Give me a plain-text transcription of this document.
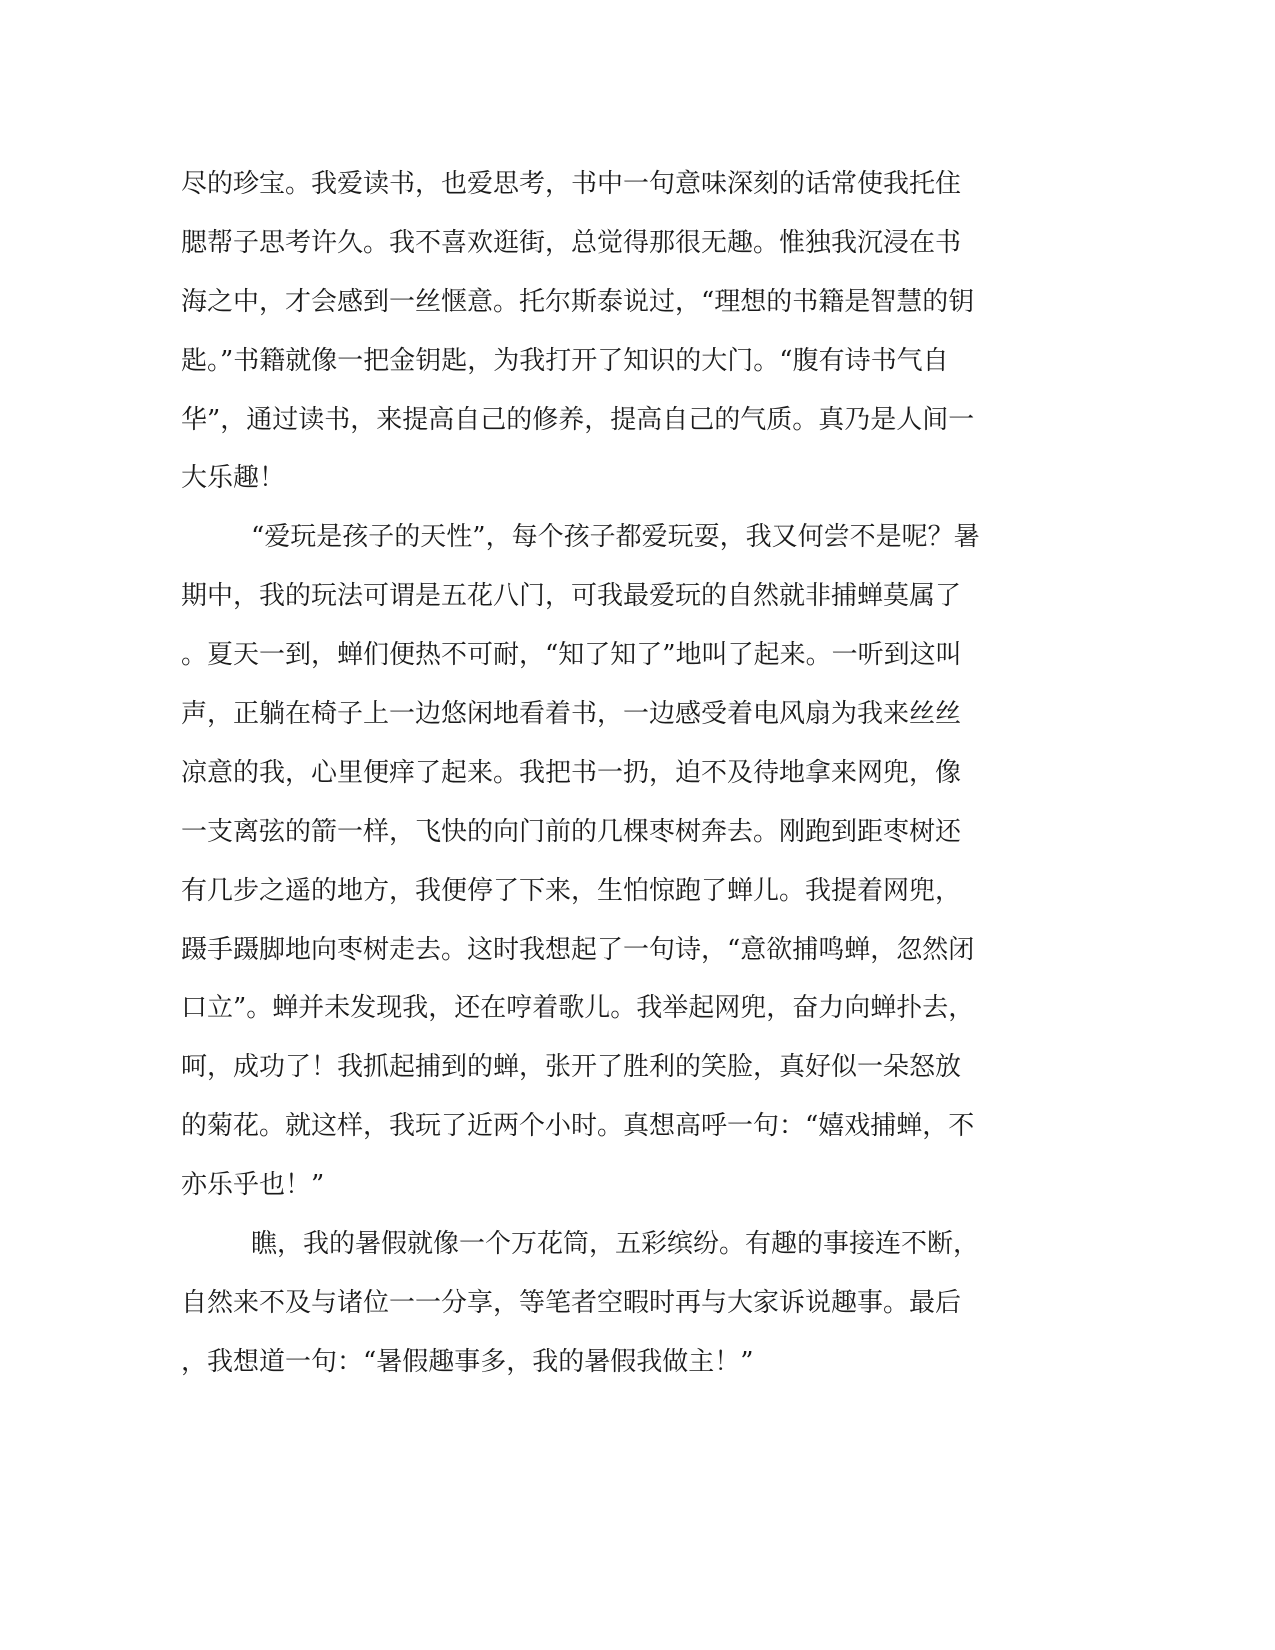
尽的珍宝。我爱读书，也爱思考，书中一句意味深刻的话常使我托住
腮帮子思考许久。我不喜欢逛街，总觉得那很无趣。惟独我沉浸在书
海之中，才会感到一丝惬意。托尔斯泰说过，“理想的书籍是智慧的钥
匙。”书籍就像一把金钥匙，为我打开了知识的大门。“腹有诗书气自
华”，通过读书，来提高自己的修养，提高自己的气质。真乃是人间一
大乐趣！
“爱玩是孩子的天性”，每个孩子都爱玩耍，我又何尝不是呢？暑
期中，我的玩法可谓是五花八门，可我最爱玩的自然就非捕蝉莫属了
。夏天一到，蝉们便热不可耐，“知了知了”地叫了起来。一听到这叫
声，正躺在椅子上一边悠闲地看着书，一边感受着电风扇为我来丝丝
凉意的我，心里便痒了起来。我把书一扔，迫不及待地拿来网兜，像
一支离弦的箭一样，飞快的向门前的几棵枣树奔去。刚跑到距枣树还
有几步之遥的地方，我便停了下来，生怕惊跑了蝉儿。我提着网兜，
蹑手蹑脚地向枣树走去。这时我想起了一句诗，“意欲捕鸣蝉，忽然闭
口立”。蝉并未发现我，还在哼着歌儿。我举起网兜，奋力向蝉扑去，
呵，成功了！我抓起捕到的蝉，张开了胜利的笑脸，真好似一朵怒放
的菊花。就这样，我玩了近两个小时。真想高呼一句：“嬉戏捕蝉，不
亦乐乎也！”
瞧，我的暑假就像一个万花筒，五彩缤纷。有趣的事接连不断，
自然来不及与诸位一一分享，等笔者空暇时再与大家诉说趣事。最后
，我想道一句：“暑假趣事多，我的暑假我做主！”
